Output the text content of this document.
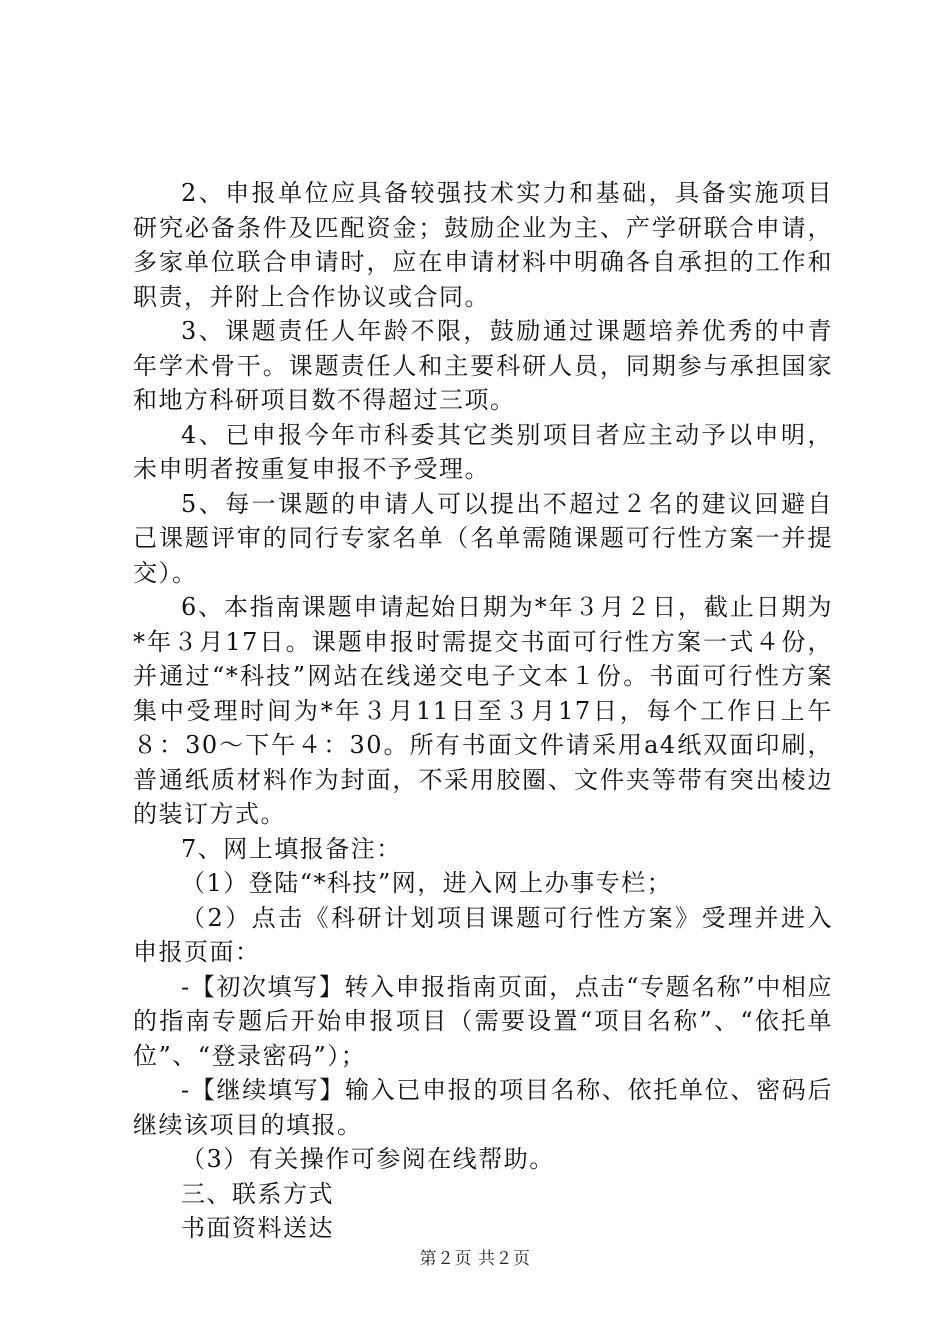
2、申报单位应具备较强技术实力和基础，具备实施项目研究必备条件及匹配资金；鼓励企业为主、产学研联合申请，多家单位联合申请时，应在申请材料中明确各自承担的工作和职责，并附上合作协议或合同。

3、课题责任人年龄不限，鼓励通过课题培养优秀的中青年学术骨干。课题责任人和主要科研人员，同期参与承担国家和地方科研项目数不得超过三项。

4、已申报今年市科委其它类别项目者应主动予以申明，未申明者按重复申报不予受理。

5、每一课题的申请人可以提出不超过２名的建议回避自己课题评审的同行专家名单（名单需随课题可行性方案一并提交）。

6、本指南课题申请起始日期为*年３月２日，截止日期为*年３月17日。课题申报时需提交书面可行性方案一式４份，并通过“*科技”网站在线递交电子文本１份。书面可行性方案集中受理时间为*年３月11日至３月17日，每个工作日上午８：30～下午４：30。所有书面文件请采用a4纸双面印刷，普通纸质材料作为封面，不采用胶圈、文件夹等带有突出棱边的装订方式。

7、网上填报备注：

（1）登陆“*科技”网，进入网上办事专栏；

（2）点击《科研计划项目课题可行性方案》受理并进入申报页面：

-【初次填写】转入申报指南页面，点击“专题名称”中相应的指南专题后开始申报项目（需要设置“项目名称”、“依托单位”、“登录密码”）；

-【继续填写】输入已申报的项目名称、依托单位、密码后继续该项目的填报。

（3）有关操作可参阅在线帮助。

三、联系方式

书面资料送达

第２页 共２页
